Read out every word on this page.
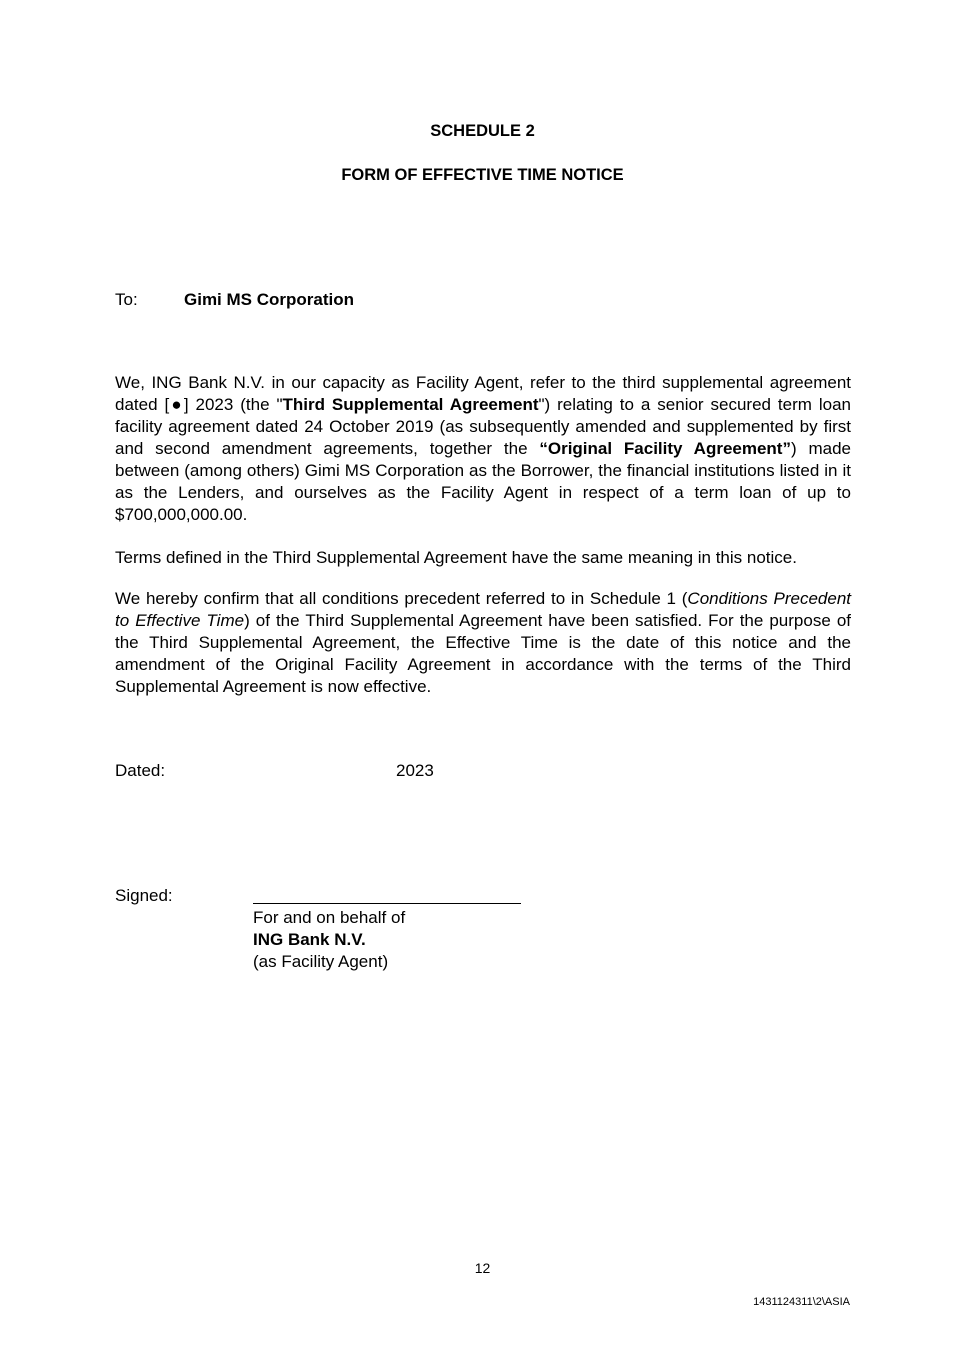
SCHEDULE 2
FORM OF EFFECTIVE TIME NOTICE
To:	Gimi MS Corporation

We, ING Bank N.V. in our capacity as Facility Agent, refer to the third supplemental agreement dated [●] 2023 (the "Third Supplemental Agreement") relating to a senior secured term loan facility agreement dated 24 October 2019 (as subsequently amended and supplemented by first and second amendment agreements, together the “Original Facility Agreement”) made between (among others) Gimi MS Corporation as the Borrower, the financial institutions listed in it as the Lenders, and ourselves as the Facility Agent in respect of a term loan of up to $700,000,000.00.

Terms defined in the Third Supplemental Agreement have the same meaning in this notice.

We hereby confirm that all conditions precedent referred to in Schedule 1 (Conditions Precedent to Effective Time) of the Third Supplemental Agreement have been satisfied. For the purpose of the Third Supplemental Agreement, the Effective Time is the date of this notice and the amendment of the Original Facility Agreement in accordance with the terms of the Third Supplemental Agreement is now effective.

Dated:	2023
Signed:
For and on behalf of
ING Bank N.V.
(as Facility Agent)
12
1431124311\2\ASIA
